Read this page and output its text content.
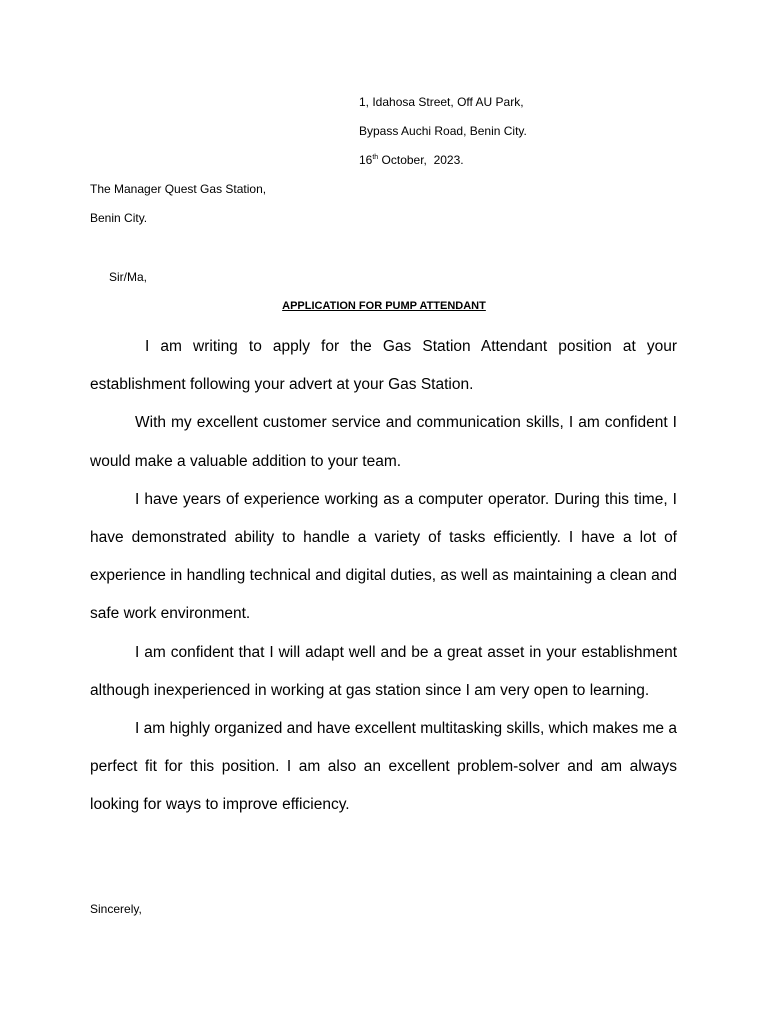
1, Idahosa Street, Off AU Park,
Bypass Auchi Road, Benin City.
16th October,  2023.
The Manager Quest Gas Station,
Benin City.
Sir/Ma,
APPLICATION FOR PUMP ATTENDANT

I am writing to apply for the Gas Station Attendant position at your establishment following your advert at your Gas Station.

With my excellent customer service and communication skills, I am confident I would make a valuable addition to your team.

I have years of experience working as a computer operator. During this time, I have demonstrated ability to handle a variety of tasks efficiently. I have a lot of experience in handling technical and digital duties, as well as maintaining a clean and safe work environment.

I am confident that I will adapt well and be a great asset in your establishment although inexperienced in working at gas station since I am very open to learning.

I am highly organized and have excellent multitasking skills, which makes me a perfect fit for this position. I am also an excellent problem-solver and am always looking for ways to improve efficiency.

Sincerely,
